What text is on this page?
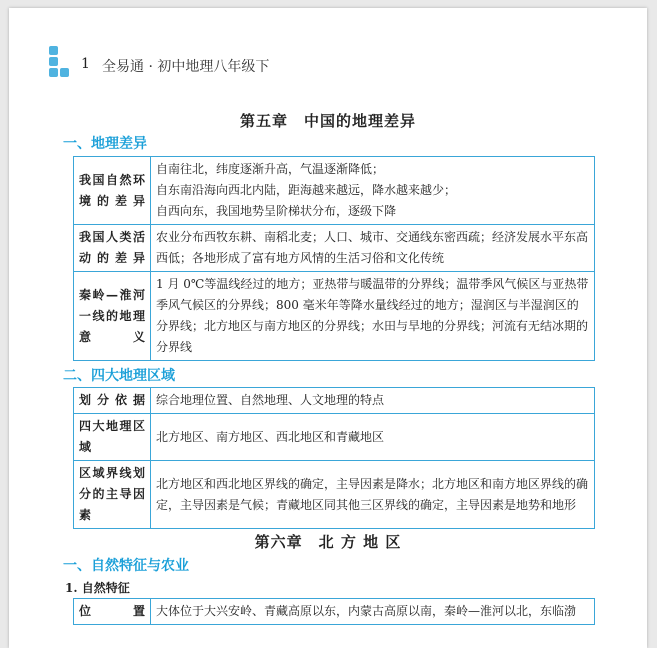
1 全易通 · 初中地理八年级下
第五章　中国的地理差异
一、地理差异
我国自然环境的差异	自南往北，纬度逐渐升高，气温逐渐降低；
自东南沿海向西北内陆，距海越来越远，降水越来越少；
自西向东，我国地势呈阶梯状分布，逐级下降

我国人类活动的差异	农业分布西牧东耕、南稻北麦；人口、城市、交通线东密西疏；经济发展水平东高西低；各地形成了富有地方风情的生活习俗和文化传统
秦岭—淮河一线的地理意义	1 月 0℃等温线经过的地方；亚热带与暖温带的分界线；温带季风气候区与亚热带季风气候区的分界线；800 毫米年等降水量线经过的地方；湿润区与半湿润区的分界线；北方地区与南方地区的分界线；水田与旱地的分界线；河流有无结冰期的分界线
二、四大地理区域
划分依据	综合地理位置、自然地理、人文地理的特点
四大地理区域	北方地区、南方地区、西北地区和青藏地区
区域界线划分的主导因素	北方地区和西北地区界线的确定，主导因素是降水；北方地区和南方地区界线的确定，主导因素是气候；青藏地区同其他三区界线的确定，主导因素是地势和地形
第六章　北 方 地 区
一、自然特征与农业
1. 自然特征
位置	大体位于大兴安岭、青藏高原以东，内蒙古高原以南，秦岭—淮河以北，东临渤
